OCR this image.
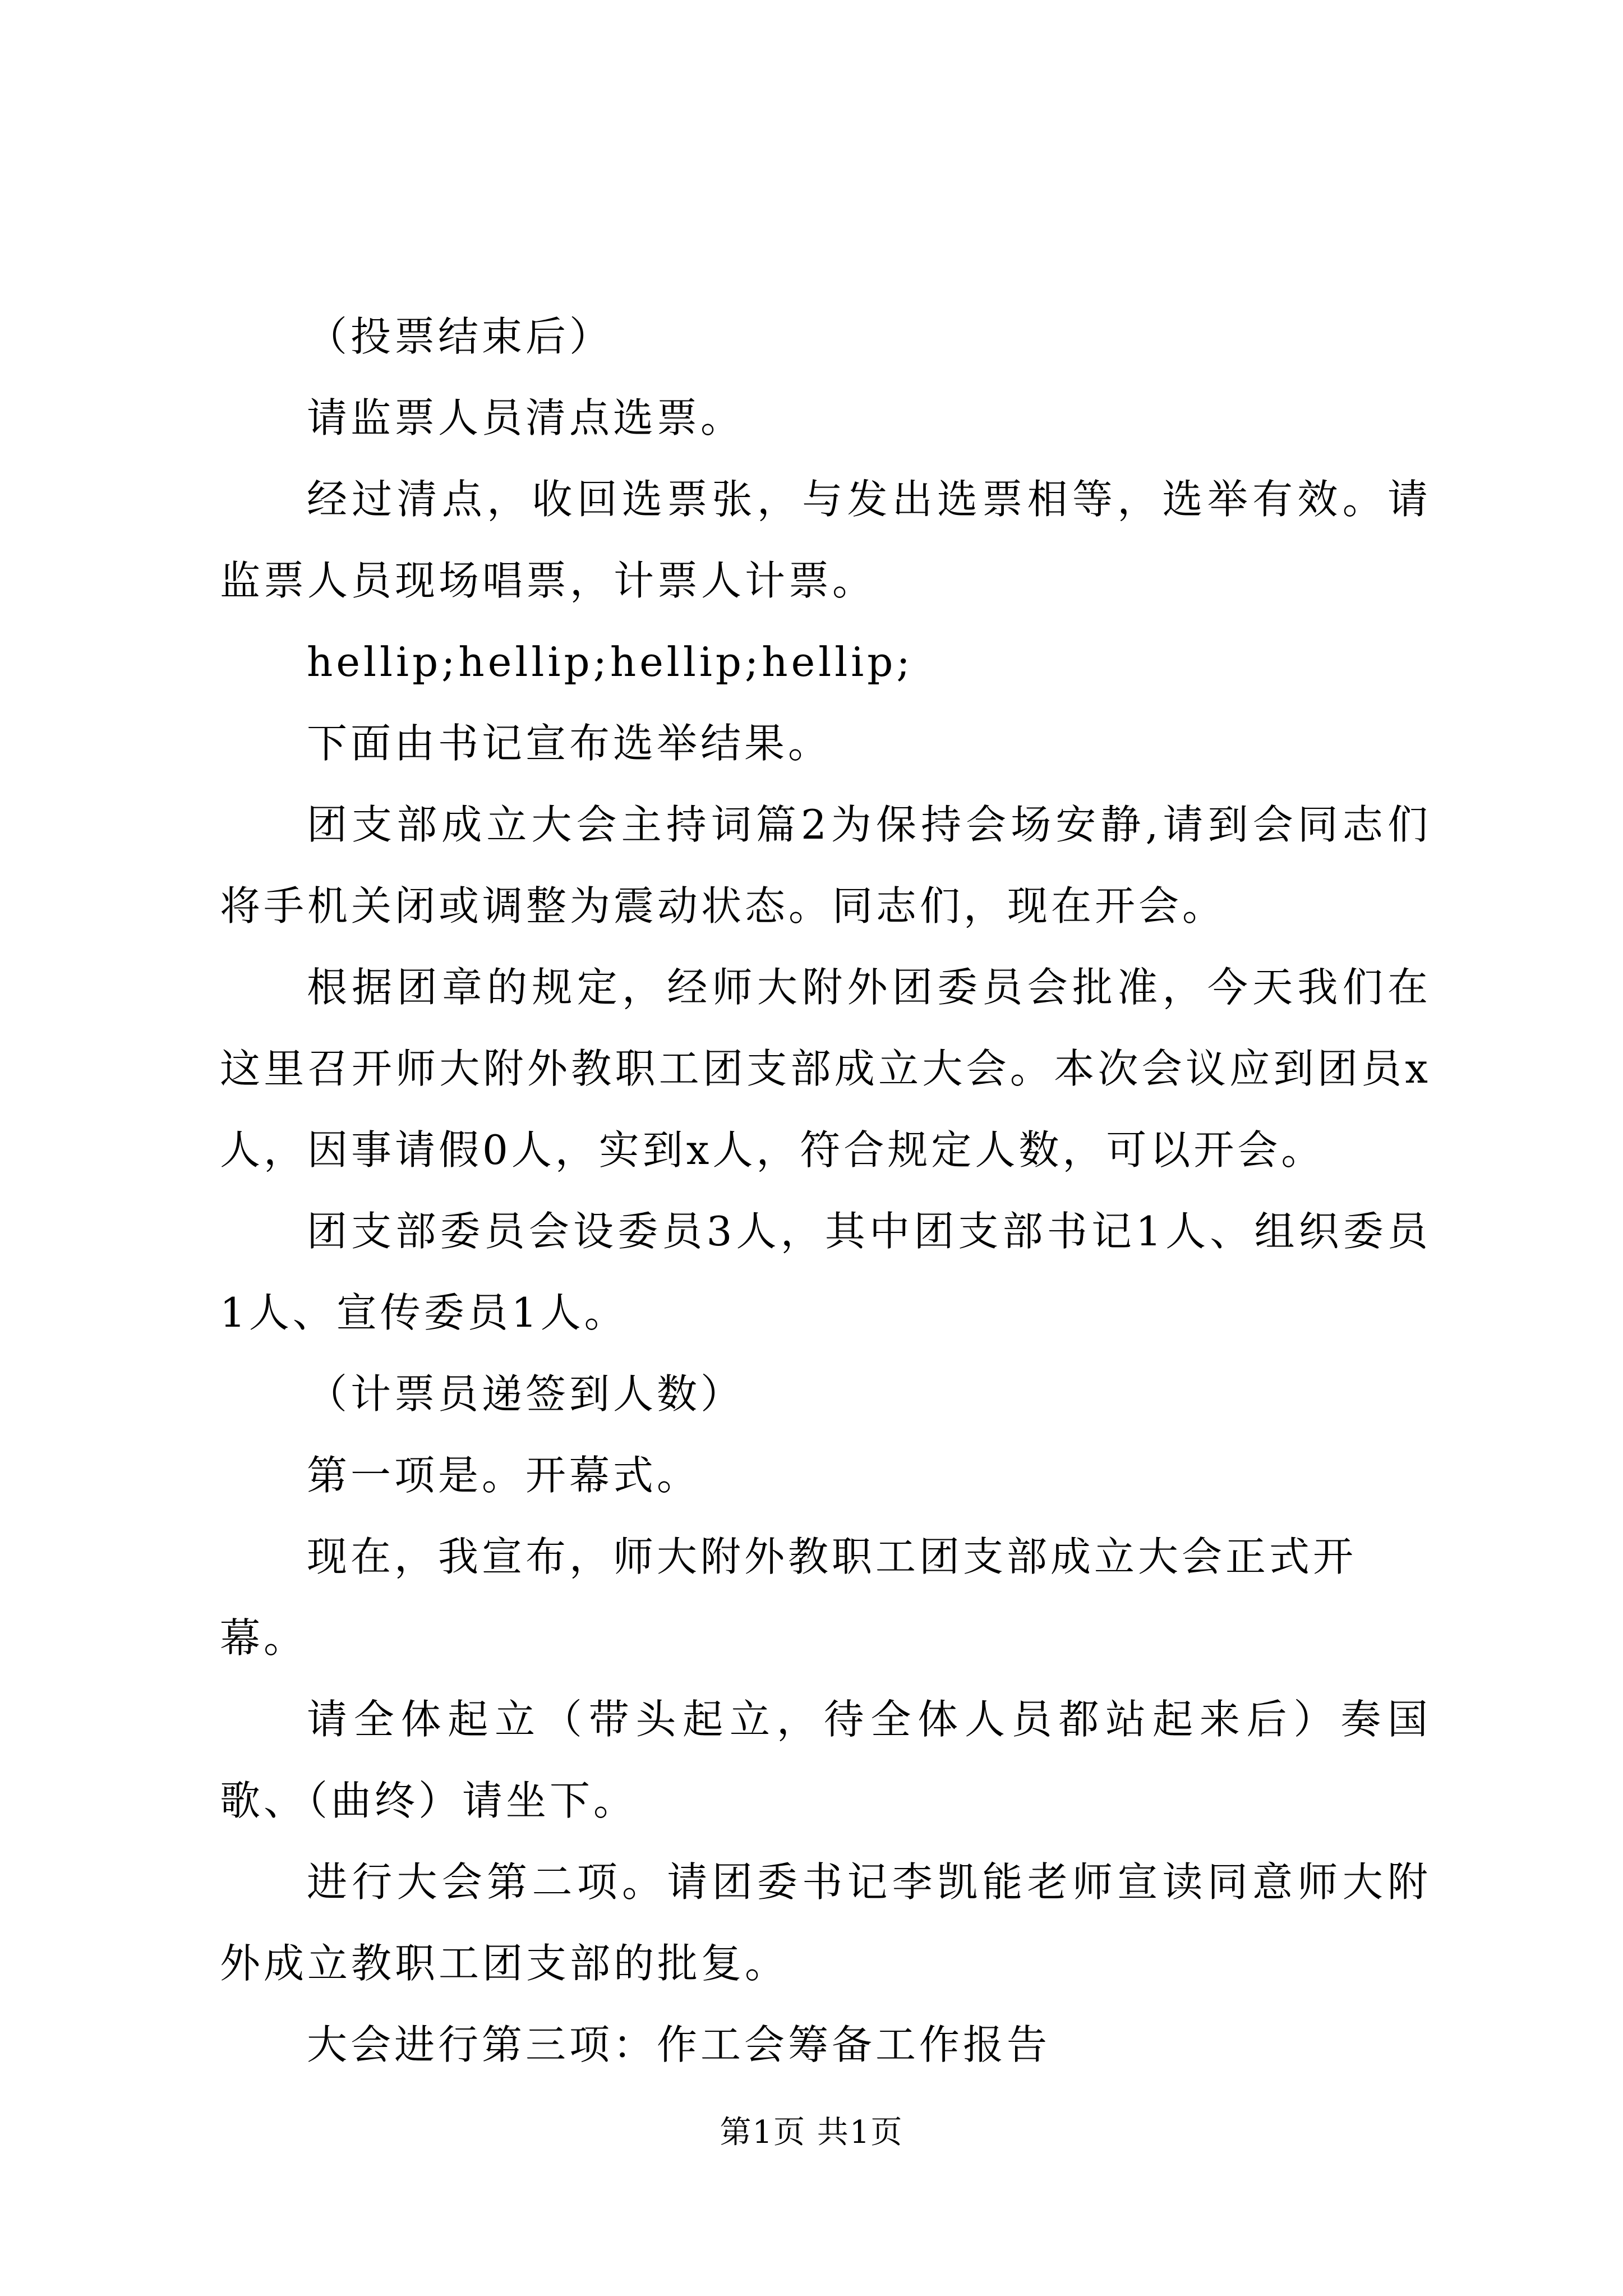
（投票结束后）

请监票人员清点选票。

经过清点，收回选票张，与发出选票相等，选举有效。请监票人员现场唱票，计票人计票。

hellip;hellip;hellip;hellip;

下面由书记宣布选举结果。

团支部成立大会主持词篇2为保持会场安静,请到会同志们将手机关闭或调整为震动状态。同志们，现在开会。

根据团章的规定，经师大附外团委员会批准，今天我们在这里召开师大附外教职工团支部成立大会。本次会议应到团员x人，因事请假0人，实到x人，符合规定人数，可以开会。

团支部委员会设委员3人，其中团支部书记1人、组织委员1人、宣传委员1人。

（计票员递签到人数）

第一项是。开幕式。

现在，我宣布，师大附外教职工团支部成立大会正式开幕。

请全体起立（带头起立，待全体人员都站起来后）奏国歌、（曲终）请坐下。

进行大会第二项。请团委书记李凯能老师宣读同意师大附外成立教职工团支部的批复。

大会进行第三项：作工会筹备工作报告

第1页 共1页
